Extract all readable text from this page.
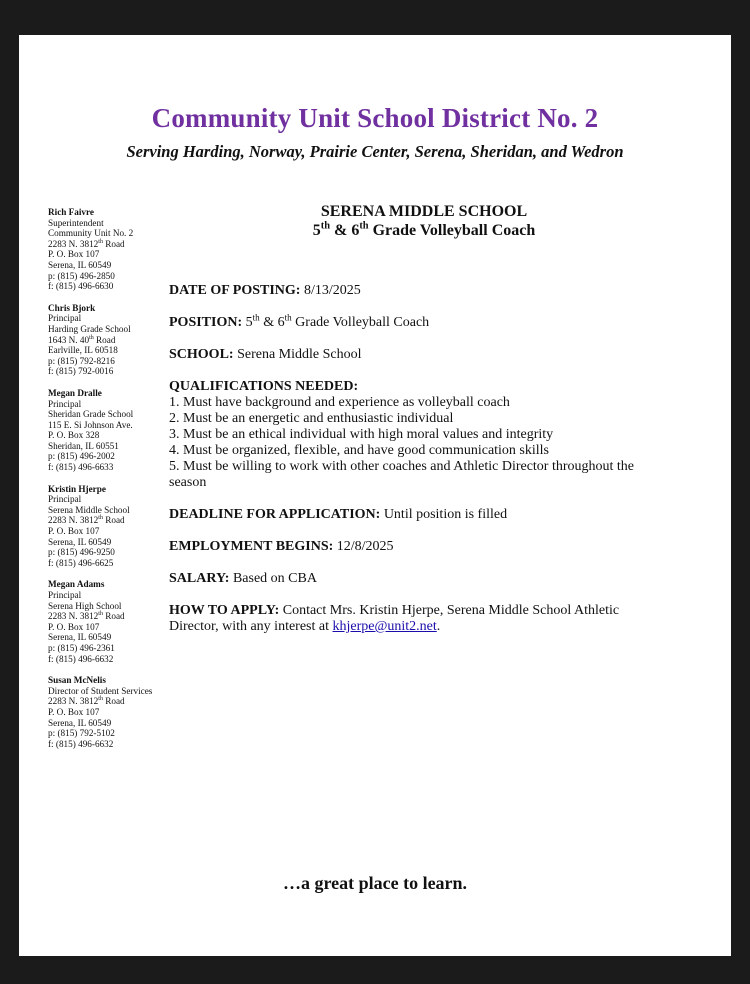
Community Unit School District No. 2
Serving Harding, Norway, Prairie Center, Serena, Sheridan, and Wedron
Rich Faivre
Superintendent
Community Unit No. 2
2283 N. 3812th Road
P. O. Box 107
Serena, IL 60549
p: (815) 496-2850
f: (815) 496-6630
Chris Bjork
Principal
Harding Grade School
1643 N. 40th Road
Earlville, IL 60518
p: (815) 792-8216
f: (815) 792-0016
Megan Dralle
Principal
Sheridan Grade School
115 E. Si Johnson Ave.
P. O. Box 328
Sheridan, IL 60551
p: (815) 496-2002
f: (815) 496-6633
Kristin Hjerpe
Principal
Serena Middle School
2283 N. 3812th Road
P. O. Box 107
Serena, IL 60549
p: (815) 496-9250
f: (815) 496-6625
Megan Adams
Principal
Serena High School
2283 N. 3812th Road
P. O. Box 107
Serena, IL 60549
p: (815) 496-2361
f: (815) 496-6632
Susan McNelis
Director of Student Services
2283 N. 3812th Road
P. O. Box 107
Serena, IL 60549
p: (815) 792-5102
f: (815) 496-6632
SERENA MIDDLE SCHOOL
5th & 6th Grade Volleyball Coach
DATE OF POSTING: 8/13/2025
POSITION: 5th & 6th Grade Volleyball Coach
SCHOOL: Serena Middle School
QUALIFICATIONS NEEDED:
1. Must have background and experience as volleyball coach
2. Must be an energetic and enthusiastic individual
3. Must be an ethical individual with high moral values and integrity
4. Must be organized, flexible, and have good communication skills
5. Must be willing to work with other coaches and Athletic Director throughout the season
DEADLINE FOR APPLICATION: Until position is filled
EMPLOYMENT BEGINS: 12/8/2025
SALARY: Based on CBA
HOW TO APPLY: Contact Mrs. Kristin Hjerpe, Serena Middle School Athletic Director, with any interest at khjerpe@unit2.net.
…a great place to learn.
